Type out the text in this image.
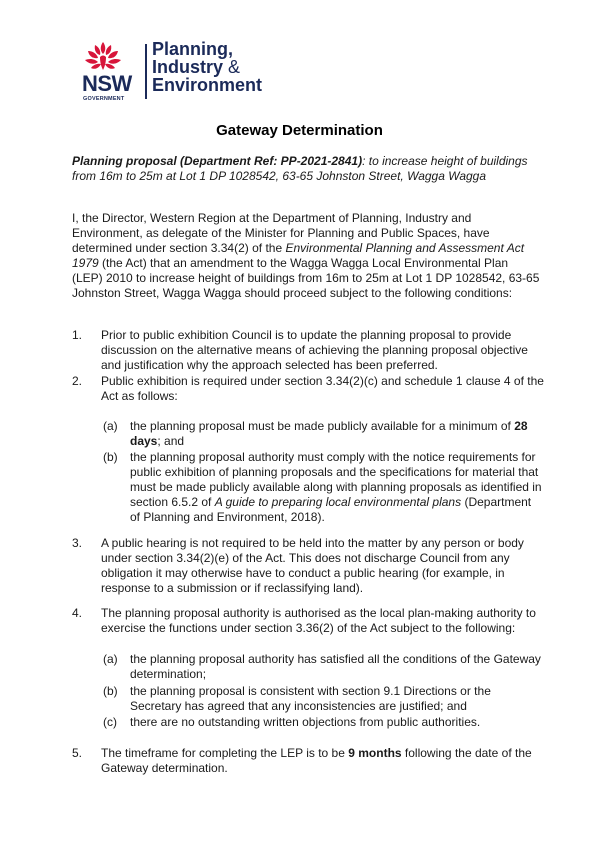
NSW
GOVERNMENT
Planning,
Industry &
Environment
Gateway Determination
Planning proposal (Department Ref: PP-2021-2841): to increase height of buildings from 16m to 25m at Lot 1 DP 1028542, 63-65 Johnston Street, Wagga Wagga
I, the Director, Western Region at the Department of Planning, Industry and Environment, as delegate of the Minister for Planning and Public Spaces, have determined under section 3.34(2) of the Environmental Planning and Assessment Act 1979 (the Act) that an amendment to the Wagga Wagga Local Environmental Plan (LEP) 2010 to increase height of buildings from 16m to 25m at Lot 1 DP 1028542, 63-65 Johnston Street, Wagga Wagga should proceed subject to the following conditions:
1. Prior to public exhibition Council is to update the planning proposal to provide discussion on the alternative means of achieving the planning proposal objective and justification why the approach selected has been preferred.
2. Public exhibition is required under section 3.34(2)(c) and schedule 1 clause 4 of the Act as follows:
(a) the planning proposal must be made publicly available for a minimum of 28 days; and
(b) the planning proposal authority must comply with the notice requirements for public exhibition of planning proposals and the specifications for material that must be made publicly available along with planning proposals as identified in section 6.5.2 of A guide to preparing local environmental plans (Department of Planning and Environment, 2018).
3. A public hearing is not required to be held into the matter by any person or body under section 3.34(2)(e) of the Act. This does not discharge Council from any obligation it may otherwise have to conduct a public hearing (for example, in response to a submission or if reclassifying land).
4. The planning proposal authority is authorised as the local plan-making authority to exercise the functions under section 3.36(2) of the Act subject to the following:
(a) the planning proposal authority has satisfied all the conditions of the Gateway determination;
(b) the planning proposal is consistent with section 9.1 Directions or the Secretary has agreed that any inconsistencies are justified; and
(c) there are no outstanding written objections from public authorities.
5. The timeframe for completing the LEP is to be 9 months following the date of the Gateway determination.
